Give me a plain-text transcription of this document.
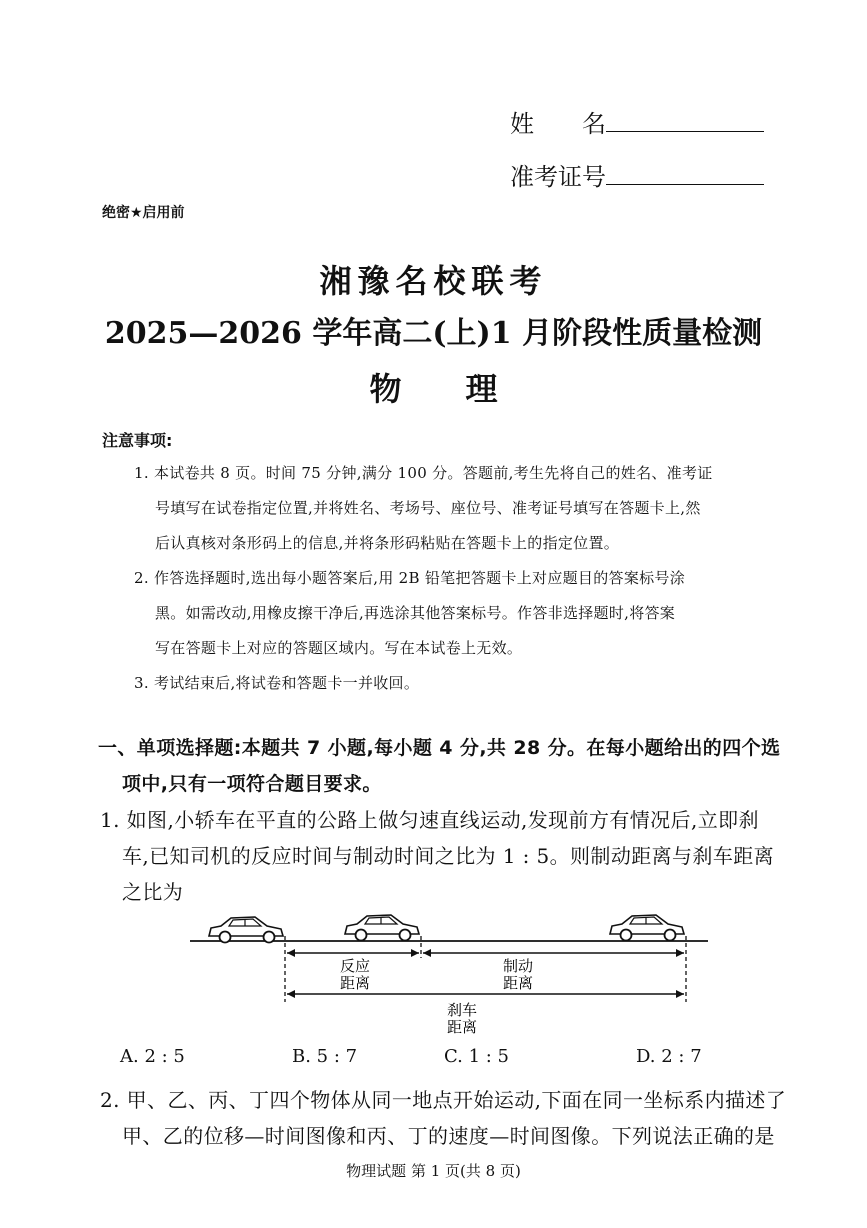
姓　　名
准考证号
绝密★启用前
湘豫名校联考
2025—2026 学年高二(上)1 月阶段性质量检测
物　　理
注意事项:
1. 本试卷共 8 页。时间 75 分钟,满分 100 分。答题前,考生先将自己的姓名、准考证
号填写在试卷指定位置,并将姓名、考场号、座位号、准考证号填写在答题卡上,然
后认真核对条形码上的信息,并将条形码粘贴在答题卡上的指定位置。
2. 作答选择题时,选出每小题答案后,用 2B 铅笔把答题卡上对应题目的答案标号涂
黑。如需改动,用橡皮擦干净后,再选涂其他答案标号。作答非选择题时,将答案
写在答题卡上对应的答题区域内。写在本试卷上无效。
3. 考试结束后,将试卷和答题卡一并收回。
一、单项选择题:本题共 7 小题,每小题 4 分,共 28 分。在每小题给出的四个选
项中,只有一项符合题目要求。
1. 如图,小轿车在平直的公路上做匀速直线运动,发现前方有情况后,立即刹
车,已知司机的反应时间与制动时间之比为 1 : 5。则制动距离与刹车距离
之比为
反应
距离
制动
距离
刹车
距离
A. 2 : 5	B. 5 : 7	C. 1 : 5	D. 2 : 7
2. 甲、乙、丙、丁四个物体从同一地点开始运动,下面在同一坐标系内描述了
甲、乙的位移—时间图像和丙、丁的速度—时间图像。下列说法正确的是
物理试题 第 1 页(共 8 页)
